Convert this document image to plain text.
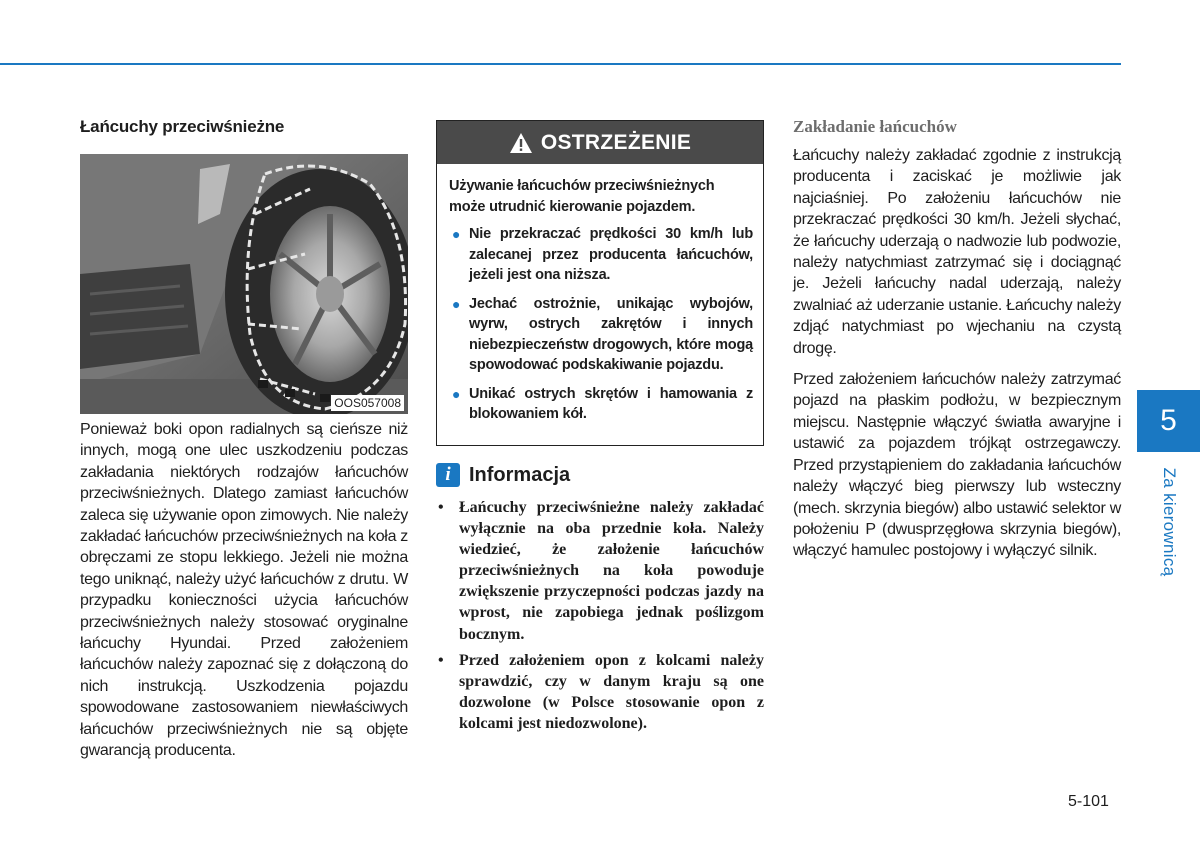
Łańcuchy przeciwśnieżne
OOS057008
Ponieważ boki opon radialnych są cieńsze niż innych, mogą one ulec uszkodzeniu podczas zakładania niektórych rodzajów łańcuchów przeciwśnieżnych. Dlatego zamiast łańcuchów zaleca się używanie opon zimowych. Nie należy zakładać łańcuchów przeciwśnieżnych na koła z obręczami ze stopu lekkiego. Jeżeli nie można tego uniknąć, należy użyć łańcuchów z drutu. W przypadku konieczności użycia łańcuchów przeciwśnieżnych należy stosować oryginalne łańcuchy Hyundai. Przed założeniem łańcuchów należy zapoznać się z dołączoną do nich instrukcją. Uszkodzenia pojazdu spowodowane zastosowaniem niewłaściwych łańcuchów przeciwśnieżnych nie są objęte gwarancją producenta.
OSTRZEŻENIE

Używanie łańcuchów przeciwśnieżnych może utrudnić kierowanie pojazdem.

● Nie przekraczać prędkości 30 km/h lub zalecanej przez producenta łańcuchów, jeżeli jest ona niższa.
● Jechać ostrożnie, unikając wybojów, wyrw, ostrych zakrętów i innych niebezpieczeństw drogowych, które mogą spowodować podskakiwanie pojazdu.
● Unikać ostrych skrętów i hamowania z blokowaniem kół.
i Informacja
• Łańcuchy przeciwśnieżne należy zakładać wyłącznie na oba przednie koła. Należy wiedzieć, że założenie łańcuchów przeciwśnieżnych na koła powoduje zwiększenie przyczepności podczas jazdy na wprost, nie zapobiega jednak poślizgom bocznym.
• Przed założeniem opon z kolcami należy sprawdzić, czy w danym kraju są one dozwolone (w Polsce stosowanie opon z kolcami jest niedozwolone).
Zakładanie łańcuchów

Łańcuchy należy zakładać zgodnie z instrukcją producenta i zaciskać je możliwie jak najciaśniej. Po założeniu łańcuchów nie przekraczać prędkości 30 km/h. Jeżeli słychać, że łańcuchy uderzają o nadwozie lub podwozie, należy natychmiast zatrzymać się i dociągnąć je. Jeżeli łańcuchy nadal uderzają, należy zwalniać aż uderzanie ustanie. Łańcuchy należy zdjąć natychmiast po wjechaniu na czystą drogę.

Przed założeniem łańcuchów należy zatrzymać pojazd na płaskim podłożu, w bezpiecznym miejscu. Następnie włączyć światła awaryjne i ustawić za pojazdem trójkąt ostrzegawczy. Przed przystąpieniem do zakładania łańcuchów należy włączyć bieg pierwszy lub wsteczny (mech. skrzynia biegów) albo ustawić selektor w położeniu P (dwusprzęgłowa skrzynia biegów), włączyć hamulec postojowy i wyłączyć silnik.

5
Za kierownicą
5-101
